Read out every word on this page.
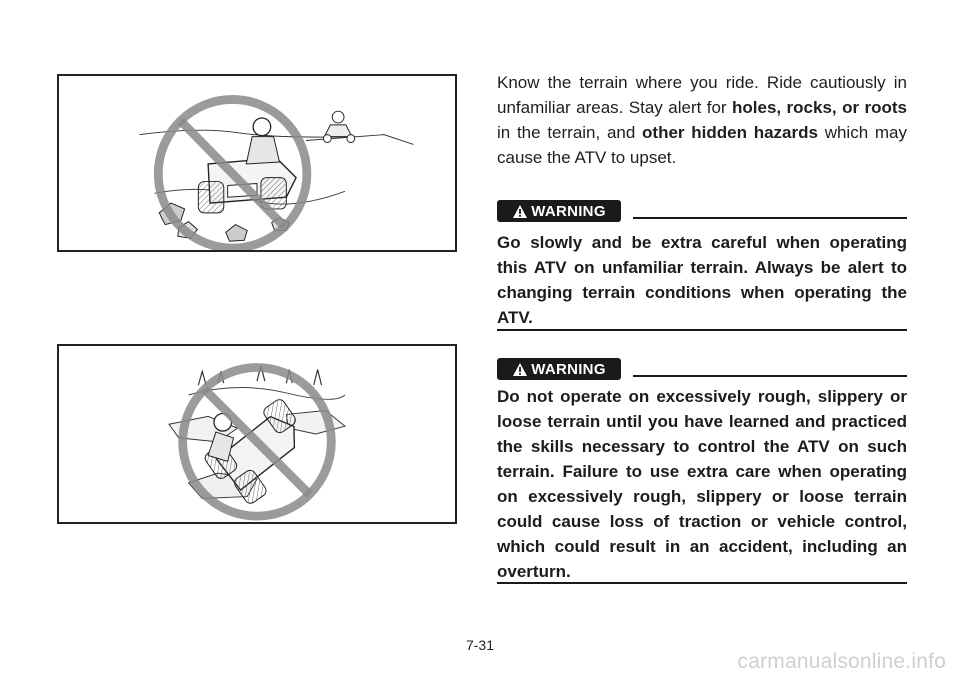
Know the terrain where you ride. Ride cautiously in unfamiliar areas. Stay alert for holes, rocks, or roots in the terrain, and other hidden hazards which may cause the ATV to upset.

WARNING

Go slowly and be extra careful when operating this ATV on unfamiliar terrain. Always be alert to changing terrain conditions when operating the ATV.

WARNING

Do not operate on excessively rough, slippery or loose terrain until you have learned and practiced the skills necessary to control the ATV on such terrain. Failure to use extra care when operating on excessively rough, slippery or loose terrain could cause loss of traction or vehicle control, which could result in an accident, including an overturn.

7-31
carmanualsonline.info
